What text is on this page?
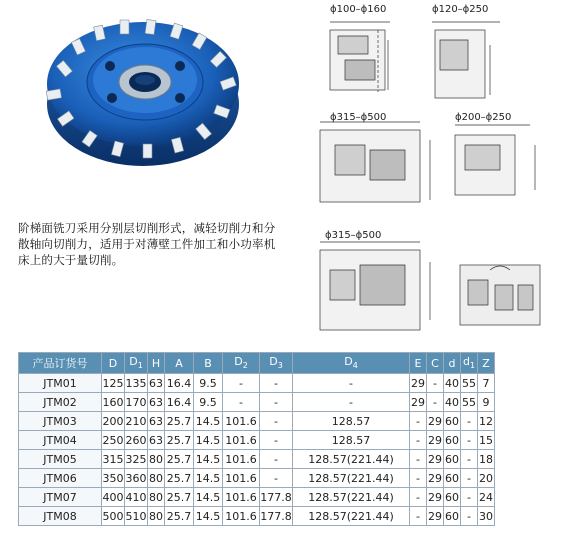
阶梯面铣刀采用分别层切削形式，减轻切削力和分散轴向切削力，适用于对薄壁工件加工和小功率机床上的大于量切削。
ϕ100–ϕ160	ϕ120–ϕ250
ϕ315–ϕ500	ϕ200–ϕ250
ϕ315–ϕ500
产品订货号	D	$D_1$	H	A	B	$D_2$	$D_3$	$D_4$	E	C	d	$d_1$	Z
JTM01	125	135	63	16.4	9.5	-	-	-	29	-	40	55	7
JTM02	160	170	63	16.4	9.5	-	-	-	29	-	40	55	9
JTM03	200	210	63	25.7	14.5	101.6	-	128.57	-	29	60	-	12
JTM04	250	260	63	25.7	14.5	101.6	-	128.57	-	29	60	-	15
JTM05	315	325	80	25.7	14.5	101.6	-	128.57(221.44)	-	29	60	-	18
JTM06	350	360	80	25.7	14.5	101.6	-	128.57(221.44)	-	29	60	-	20
JTM07	400	410	80	25.7	14.5	101.6	177.8	128.57(221.44)	-	29	60	-	24
JTM08	500	510	80	25.7	14.5	101.6	177.8	128.57(221.44)	-	29	60	-	30
